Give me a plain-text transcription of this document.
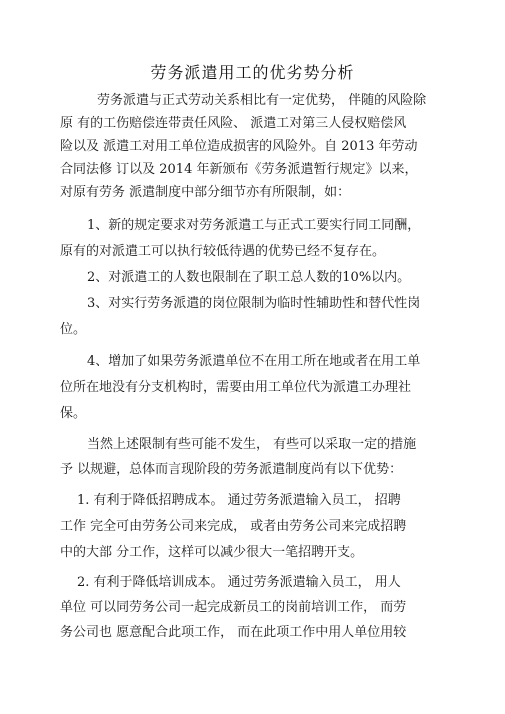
劳务派遣用工的优劣势分析
劳务派遣与正式劳动关系相比有一定优势， 伴随的风险除
原 有的工伤赔偿连带责任风险、 派遣工对第三人侵权赔偿风
险以及 派遣工对用工单位造成损害的风险外。自 2013 年劳动
合同法修 订以及 2014 年新颁布《劳务派遣暂行规定》以来，
对原有劳务 派遣制度中部分细节亦有所限制，如：
1、新的规定要求对劳务派遣工与正式工要实行同工同酬，
原有的对派遣工可以执行较低待遇的优势已经不复存在。
2、对派遣工的人数也限制在了职工总人数的10%以内。
3、对实行劳务派遣的岗位限制为临时性辅助性和替代性岗
位。
4、增加了如果劳务派遣单位不在用工所在地或者在用工单
位所在地没有分支机构时，需要由用工单位代为派遣工办理社
保。
当然上述限制有些可能不发生， 有些可以采取一定的措施
予 以规避，总体而言现阶段的劳务派遣制度尚有以下优势：
1. 有利于降低招聘成本。 通过劳务派遣输入员工， 招聘
工作 完全可由劳务公司来完成， 或者由劳务公司来完成招聘
中的大部 分工作，这样可以减少很大一笔招聘开支。
2. 有利于降低培训成本。 通过劳务派遣输入员工， 用人
单位 可以同劳务公司一起完成新员工的岗前培训工作， 而劳
务公司也 愿意配合此项工作， 而在此项工作中用人单位用较
